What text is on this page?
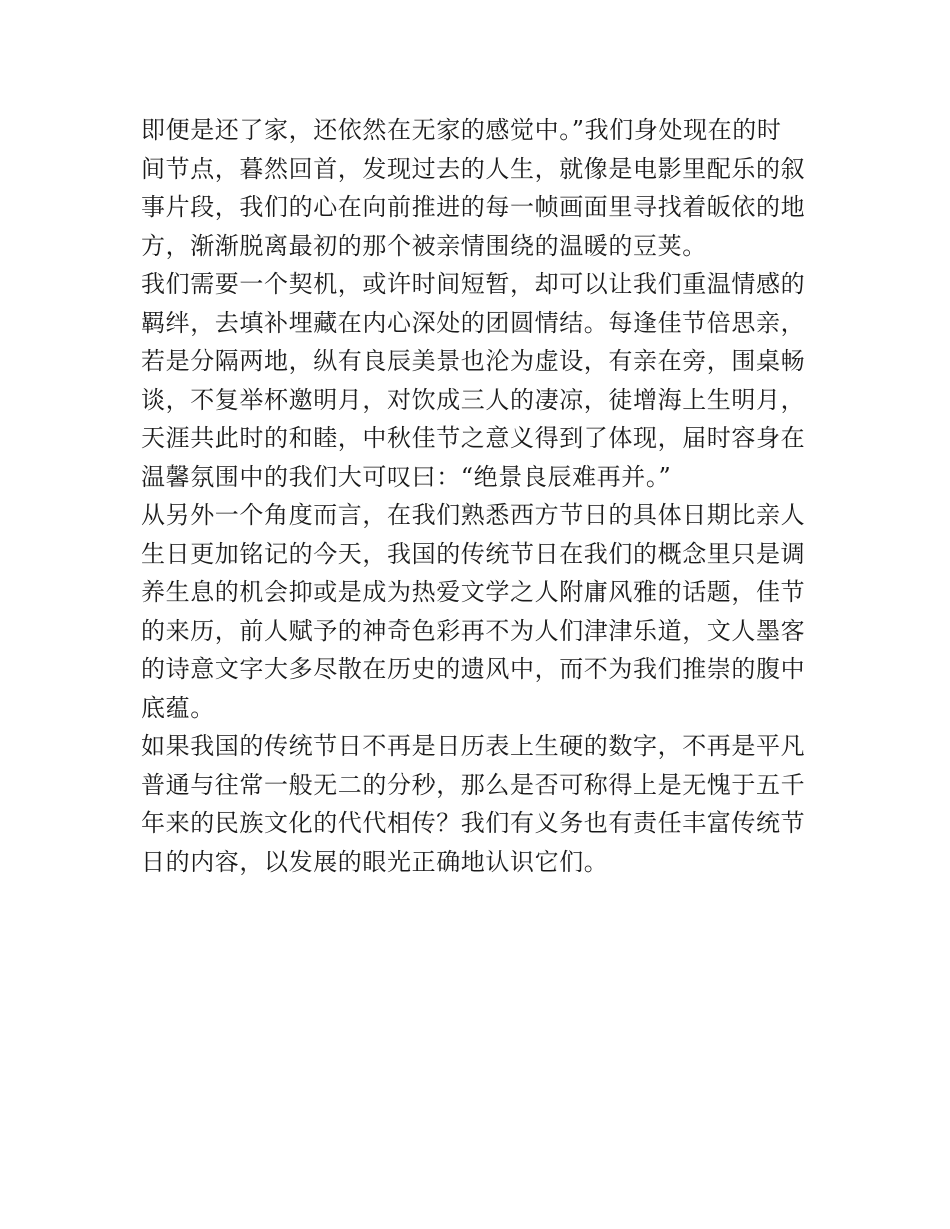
即便是还了家，还依然在无家的感觉中。”我们身处现在的时
间节点，暮然回首，发现过去的人生，就像是电影里配乐的叙
事片段，我们的心在向前推进的每一帧画面里寻找着皈依的地
方，渐渐脱离最初的那个被亲情围绕的温暖的豆荚。
我们需要一个契机，或许时间短暂，却可以让我们重温情感的
羁绊，去填补埋藏在内心深处的团圆情结。每逢佳节倍思亲，
若是分隔两地，纵有良辰美景也沦为虚设，有亲在旁，围桌畅
谈，不复举杯邀明月，对饮成三人的凄凉，徒增海上生明月，
天涯共此时的和睦，中秋佳节之意义得到了体现，届时容身在
温馨氛围中的我们大可叹曰：“绝景良辰难再并。”
从另外一个角度而言，在我们熟悉西方节日的具体日期比亲人
生日更加铭记的今天，我国的传统节日在我们的概念里只是调
养生息的机会抑或是成为热爱文学之人附庸风雅的话题，佳节
的来历，前人赋予的神奇色彩再不为人们津津乐道，文人墨客
的诗意文字大多尽散在历史的遗风中，而不为我们推崇的腹中
底蕴。
如果我国的传统节日不再是日历表上生硬的数字，不再是平凡
普通与往常一般无二的分秒，那么是否可称得上是无愧于五千
年来的民族文化的代代相传？我们有义务也有责任丰富传统节
日的内容，以发展的眼光正确地认识它们。
